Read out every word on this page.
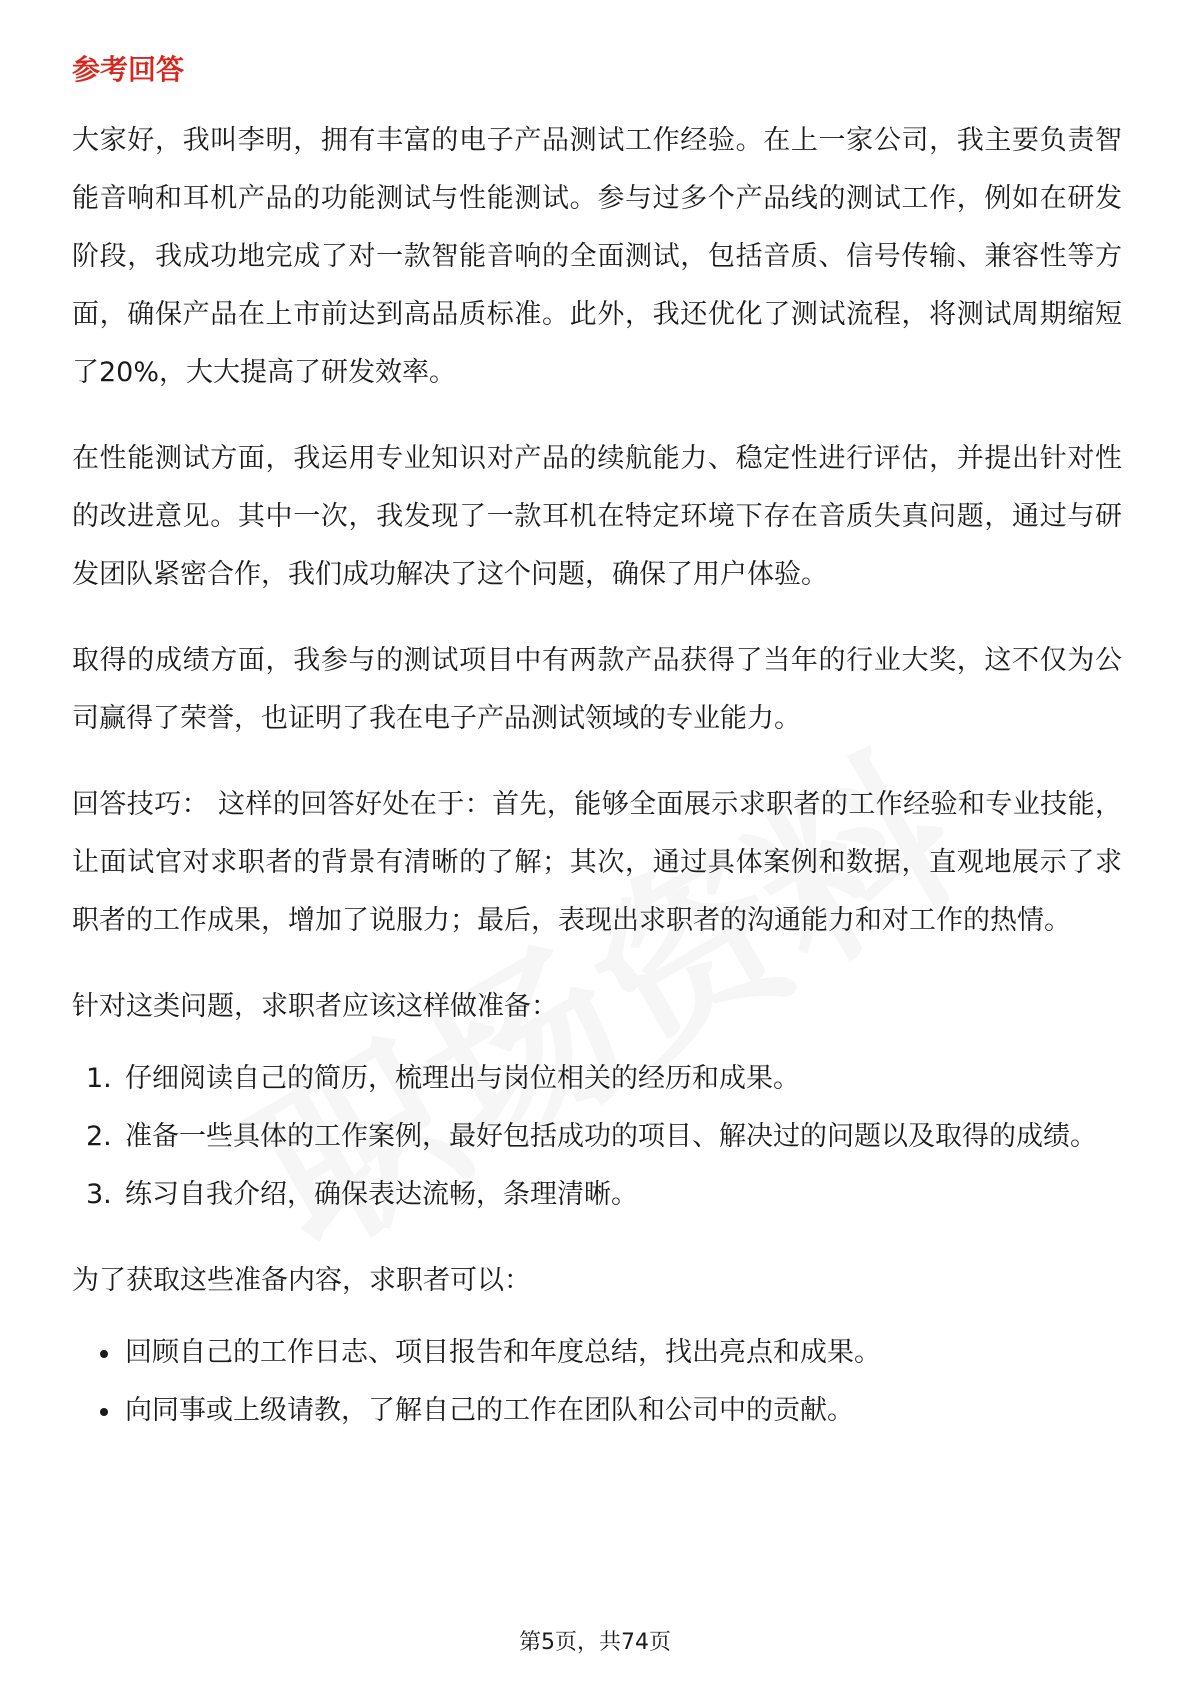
参考回答

大家好，我叫李明，拥有丰富的电子产品测试工作经验。在上一家公司，我主要负责智能音响和耳机产品的功能测试与性能测试。参与过多个产品线的测试工作，例如在研发阶段，我成功地完成了对一款智能音响的全面测试，包括音质、信号传输、兼容性等方面，确保产品在上市前达到高品质标准。此外，我还优化了测试流程，将测试周期缩短了20%，大大提高了研发效率。

在性能测试方面，我运用专业知识对产品的续航能力、稳定性进行评估，并提出针对性的改进意见。其中一次，我发现了一款耳机在特定环境下存在音质失真问题，通过与研发团队紧密合作，我们成功解决了这个问题，确保了用户体验。

取得的成绩方面，我参与的测试项目中有两款产品获得了当年的行业大奖，这不仅为公司赢得了荣誉，也证明了我在电子产品测试领域的专业能力。

回答技巧： 这样的回答好处在于：首先，能够全面展示求职者的工作经验和专业技能，让面试官对求职者的背景有清晰的了解；其次，通过具体案例和数据，直观地展示了求职者的工作成果，增加了说服力；最后，表现出求职者的沟通能力和对工作的热情。

针对这类问题，求职者应该这样做准备：

1. 仔细阅读自己的简历，梳理出与岗位相关的经历和成果。
2. 准备一些具体的工作案例，最好包括成功的项目、解决过的问题以及取得的成绩。
3. 练习自我介绍，确保表达流畅，条理清晰。

为了获取这些准备内容，求职者可以：

回顾自己的工作日志、项目报告和年度总结，找出亮点和成果。
向同事或上级请教，了解自己的工作在团队和公司中的贡献。
第5页，共74页
